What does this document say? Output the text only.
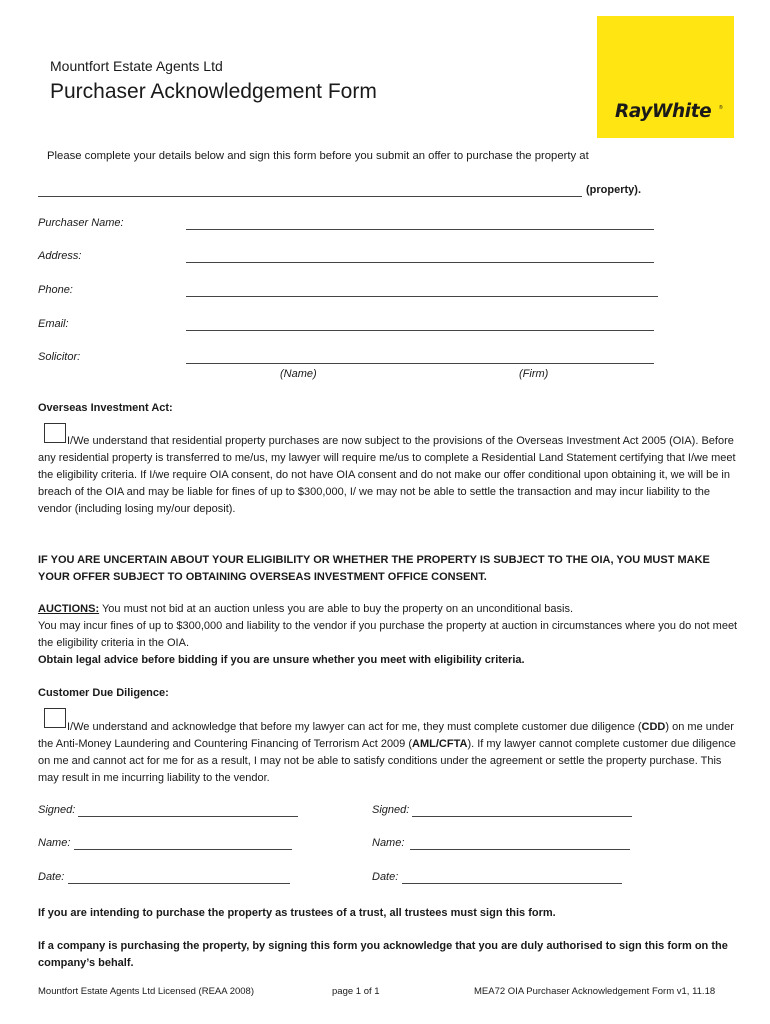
Mountfort Estate Agents Ltd
Purchaser Acknowledgement Form
RayWhite ®
Please complete your details below and sign this form before you submit an offer to purchase the property at
(property).
Purchaser Name:
Address:
Phone:
Email:
Solicitor:
(Name)	(Firm)
Overseas Investment Act:
I/We understand that residential property purchases are now subject to the provisions of the Overseas Investment Act 2005 (OIA). Before any residential property is transferred to me/us, my lawyer will require me/us to complete a Residential Land Statement certifying that I/we meet the eligibility criteria. If I/we require OIA consent, do not have OIA consent and do not make our offer conditional upon obtaining it, we will be in breach of the OIA and may be liable for fines of up to $300,000, I/ we may not be able to settle the transaction and may incur liability to the vendor (including losing my/our deposit).
IF YOU ARE UNCERTAIN ABOUT YOUR ELIGIBILITY OR WHETHER THE PROPERTY IS SUBJECT TO THE OIA, YOU MUST MAKE YOUR OFFER SUBJECT TO OBTAINING OVERSEAS INVESTMENT OFFICE CONSENT.
AUCTIONS: You must not bid at an auction unless you are able to buy the property on an unconditional basis.
You may incur fines of up to $300,000 and liability to the vendor if you purchase the property at auction in circumstances where you do not meet the eligibility criteria in the OIA.
Obtain legal advice before bidding if you are unsure whether you meet with eligibility criteria.
Customer Due Diligence:
I/We understand and acknowledge that before my lawyer can act for me, they must complete customer due diligence (CDD) on me under the Anti-Money Laundering and Countering Financing of Terrorism Act 2009 (AML/CFTA). If my lawyer cannot complete customer due diligence on me and cannot act for me for as a result, I may not be able to satisfy conditions under the agreement or settle the property purchase. This may result in me incurring liability to the vendor.
Signed:	Signed:
Name:	Name:
Date:	Date:
If you are intending to purchase the property as trustees of a trust, all trustees must sign this form.
If a company is purchasing the property, by signing this form you acknowledge that you are duly authorised to sign this form on the company’s behalf.
Mountfort Estate Agents Ltd Licensed (REAA 2008)	page 1 of 1	MEA72 OIA Purchaser Acknowledgement Form v1, 11.18
